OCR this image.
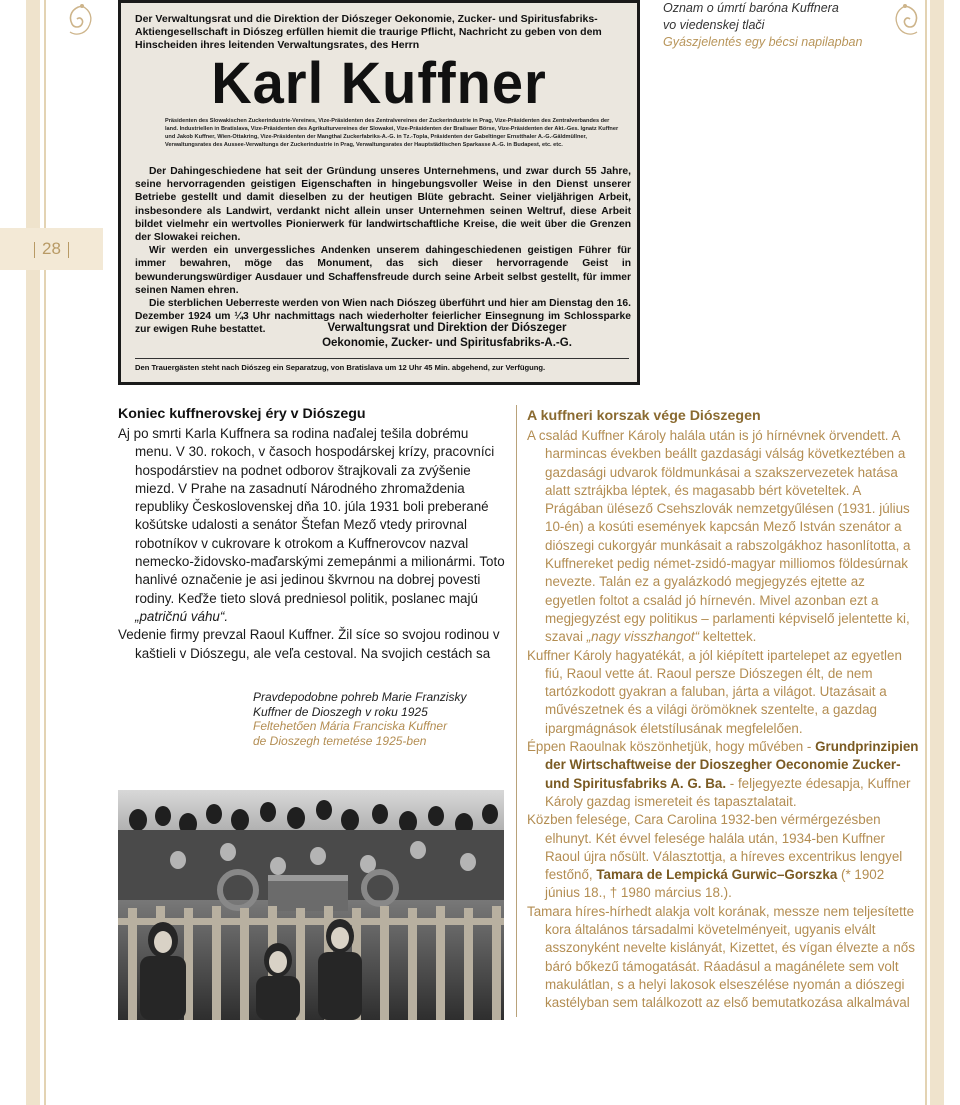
28
Oznam o úmrtí baróna Kuffnera
vo viedenskej tlači
Gyászjelentés egy bécsi napilapban
Der Verwaltungsrat und die Direktion der Diószeger Oekonomie, Zucker- und Spiritusfabriks-Aktiengesellschaft in Diószeg erfüllen hiemit die traurige Pflicht, Nachricht zu geben von dem Hinscheiden ihres leitenden Verwaltungsrates, des Herrn
Karl Kuffner
Präsidenten des Slowakischen Zuckerindustrie-Vereines, Vize-Präsidenten des Zentralvereines der Zuckerindustrie in Prag, Vize-Präsidenten des Zentralverbandes der land. Industriellen in Bratislava, Vize-Präsidenten des Agrikulturvereines der Slowakei, Vize-Präsidenten der Brailsaer Börse, Vize-Präsidenten der Akt.-Ges. Ignatz Kuffner und Jakob Kuffner, Wien-Ottakring, Vize-Präsidenten der Mangthai Zuckerfabriks-A.-G. in Tz.-Topla, Präsidenten der Gabeltinger Ernstthaler A.-G.-Gäldmüllner, Verwaltungsrates des Aussee-Verwaltungs der Zuckerindustrie in Prag, Verwaltungsrates der Hauptstädtischen Sparkasse A.-G. in Budapest, etc. etc.

Der Dahingeschiedene hat seit der Gründung unseres Unternehmens, und zwar durch 55 Jahre, seine hervorragenden geistigen Eigenschaften in hingebungsvoller Weise in den Dienst unserer Betriebe gestellt und damit dieselben zu der heutigen Blüte gebracht. Seiner vieljährigen Arbeit, insbesondere als Landwirt, verdankt nicht allein unser Unternehmen seinen Weltruf, diese Arbeit bildet vielmehr ein wertvolles Pionierwerk für landwirtschaftliche Kreise, die weit über die Grenzen der Slowakei reichen.

Wir werden ein unvergessliches Andenken unserem dahingeschiedenen geistigen Führer für immer bewahren, möge das Monument, das sich dieser hervorragende Geist in bewunderungswürdiger Ausdauer und Schaffensfreude durch seine Arbeit selbst gestellt, für immer seinen Namen ehren.

Die sterblichen Ueberreste werden von Wien nach Diószeg überführt und hier am Dienstag den 16. Dezember 1924 um ¼3 Uhr nachmittags nach wiederholter feierlicher Einsegnung im Schlossparke zur ewigen Ruhe bestattet.	Verwaltungsrat und Direktion der Diószeger
Oekonomie, Zucker- und Spiritusfabriks-A.-G.
Den Trauergästen steht nach Diószeg ein Separatzug, von Bratislava um 12 Uhr 45 Min. abgehend, zur Verfügung.
Koniec kuffnerovskej éry v Diószegu

Aj po smrti Karla Kuffnera sa rodina naďalej tešila dobrému menu. V 30. rokoch, v časoch hospodárskej krízy, pracovníci hospodárstiev na podnet odborov štrajkovali za zvýšenie miezd. V Prahe na zasadnutí Národného zhromaždenia republiky Československej dňa 10. júla 1931 boli preberané košútske udalosti a senátor Štefan Mező vtedy prirovnal robotníkov v cukrovare k otrokom a Kuffnerovcov nazval nemecko-židovsko-maďarskými zemepánmi a milionármi. Toto hanlivé označenie je asi jedinou škvrnou na dobrej povesti rodiny. Keďže tieto slová predniesol politik, poslanec majú „patričnú váhu“.

Vedenie firmy prevzal Raoul Kuffner. Žil síce so svojou rodinou v kaštieli v Diószegu, ale veľa cestoval. Na svojich cestách sa

A kuffneri korszak vége Diószegen

A család Kuffner Károly halála után is jó hírnévnek örvendett. A harmincas években beállt gazdasági válság következtében a gazdasági udvarok földmunkásai a szakszervezetek hatása alatt sztrájkba léptek, és magasabb bért követeltek. A Prágában ülésező Csehszlovák nemzetgyűlésen (1931. július 10-én) a kosúti események kapcsán Mező István szenátor a diószegi cukorgyár munkásait a rabszolgákhoz hasonlította, a Kuffnereket pedig német-zsidó-magyar milliomos földesúrnak nevezte. Talán ez a gyalázkodó megjegyzés ejtette az egyetlen foltot a család jó hírnevén. Mivel azonban ezt a megjegyzést egy politikus – parlamenti képviselő jelentette ki, szavai „nagy visszhangot“ keltettek.

Kuffner Károly hagyatékát, a jól kiépített ipartelepet az egyetlen fiú, Raoul vette át. Raoul persze Diószegen élt, de nem tartózkodott gyakran a faluban, járta a világot. Utazásait a művészetnek és a világi örömöknek szentelte, a gazdag ipargmágnások életstílusának megfelelően.

Éppen Raoulnak köszönhetjük, hogy művében - Grundprinzipien der Wirtschaftweise der Dioszegher Oeconomie Zucker- und Spiritusfabriks A. G. Ba. - feljegyezte édesapja, Kuffner Károly gazdag ismereteit és tapasztalatait.

Közben felesége, Cara Carolina 1932-ben vérmérgezésben elhunyt. Két évvel felesége halála után, 1934-ben Kuffner Raoul újra nősült. Választottja, a híreves excentrikus lengyel festőnő, Tamara de Lempická Gurwic–Gorszka (* 1902 június 18., † 1980 március 18.).

Tamara híres-hírhedt alakja volt korának, messze nem teljesítette kora általános társadalmi követelményeit, ugyanis elvált asszonyként nevelte kislányát, Kizettet, és vígan élvezte a nős báró bőkezű támogatását. Ráadásul a magánélete sem volt makulátlan, s a helyi lakosok elseszélése nyomán a diószegi kastélyban sem találkozott az első bemutatkozása alkalmával

Pravdepodobne pohreb Marie Franzisky
Kuffner de Dioszegh v roku 1925
Feltehetően Mária Franciska Kuffner
de Dioszegh temetése 1925-ben
